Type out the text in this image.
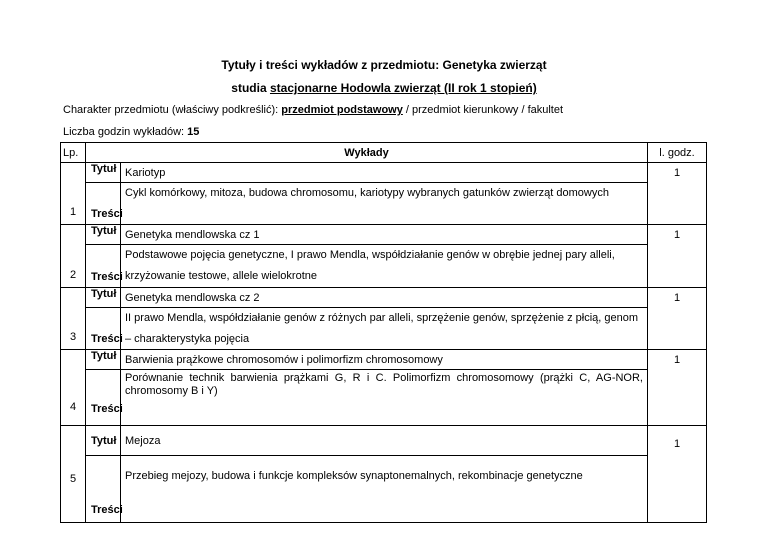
Tytuły i treści wykładów z przedmiotu: Genetyka zwierząt
studia stacjonarne Hodowla zwierząt (II rok 1 stopień)
Charakter przedmiotu (właściwy podkreślić): przedmiot podstawowy / przedmiot kierunkowy / fakultet
Liczba godzin wykładów: 15
Lp.	Wykłady		l. godz.
1	Tytuł	Kariotyp	1
	Treści	Cykl komórkowy, mitoza, budowa chromosomu, kariotypy wybranych gatunków zwierząt domowych	
2	Tytuł	Genetyka mendlowska cz 1	1
	Treści	Podstawowe pojęcia genetyczne, I prawo Mendla, współdziałanie genów w obrębie jednej pary alleli,
krzyżowanie testowe, allele wielokrotne	

3	Tytuł	Genetyka mendlowska cz 2	1
	Treści	II prawo Mendla, współdziałanie genów z różnych par alleli, sprzężenie genów, sprzężenie z płcią, genom
– charakterystyka pojęcia	

4	Tytuł	Barwienia prążkowe chromosomów i polimorfizm chromosomowy	1
	Treści	Porównanie technik barwienia prążkami G, R i C. Polimorfizm chromosomowy (prążki C, AG-NOR, chromosomy B i Y)	

5	Tytuł	Mejoza	1
	Treści	Przebieg mejozy, budowa i funkcje kompleksów synaptonemalnych, rekombinacje genetyczne	
